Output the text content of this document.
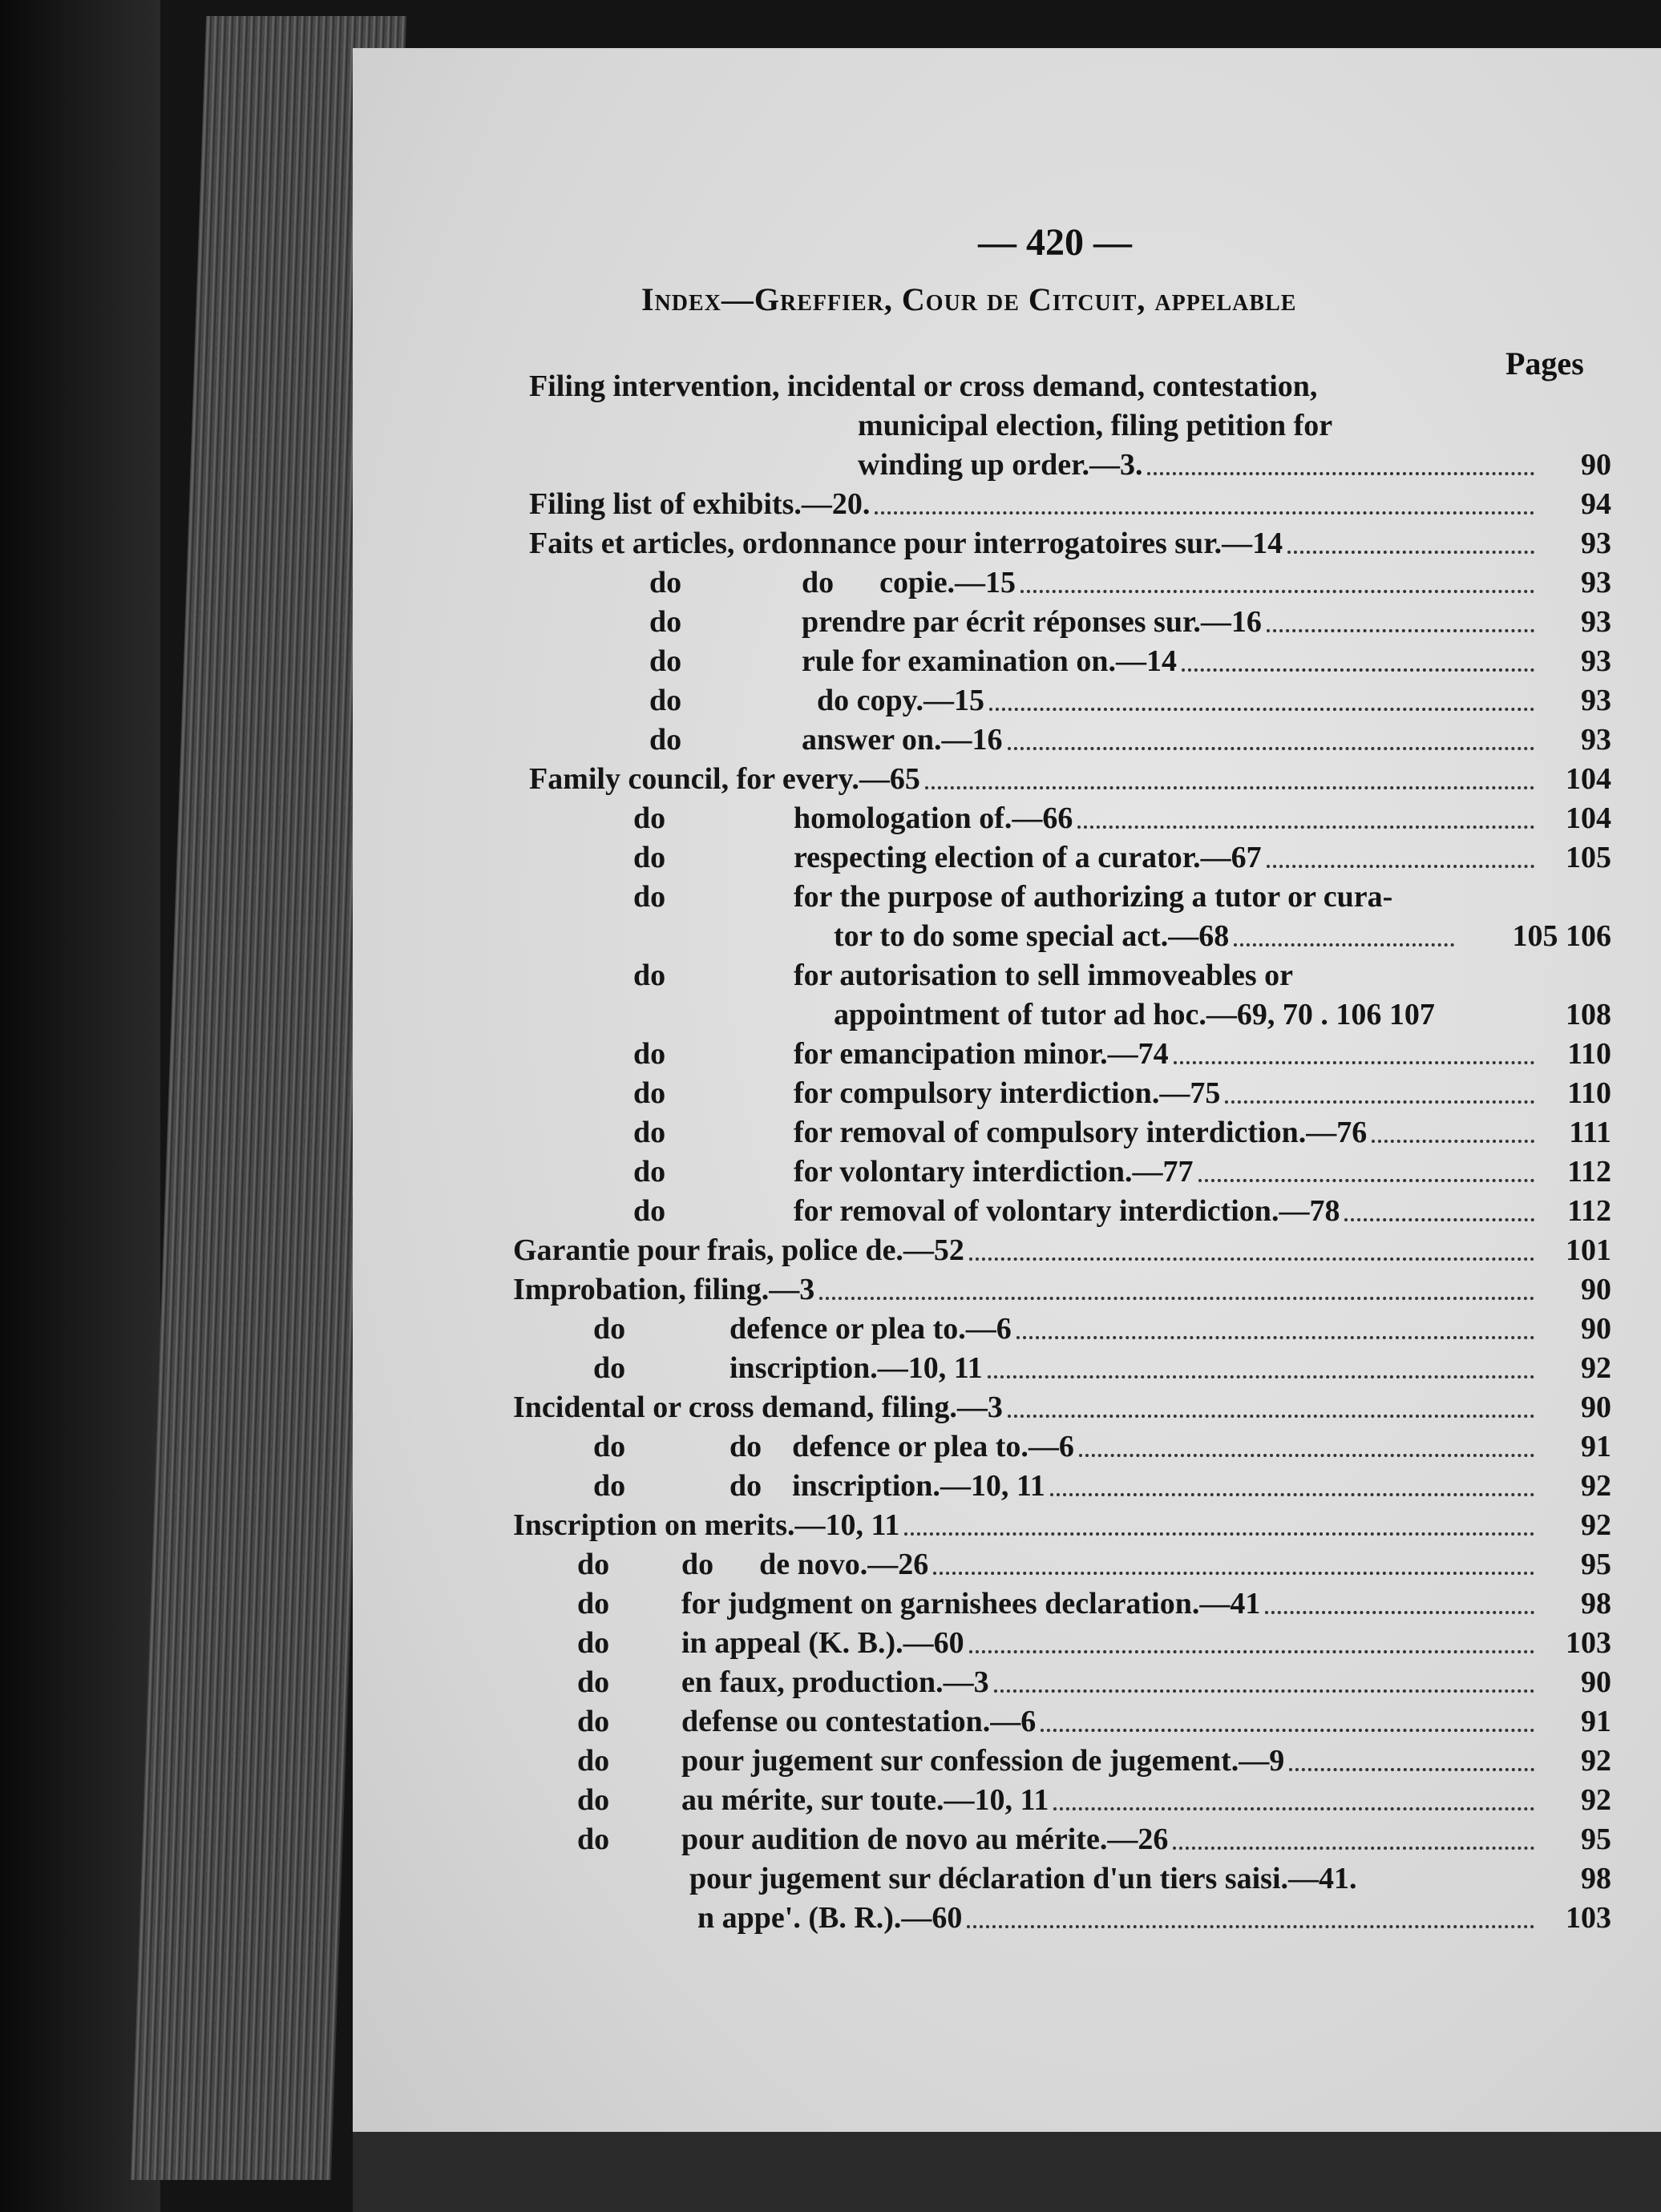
— 420 —
Index—Greffier, Cour de Citcuit, appelable
Pages
Filing intervention, incidental or cross demand, contestation,
municipal election, filing petition for
winding up order.—3.	90
Filing list of exhibits.—20.	94
Faits et articles, ordonnance pour interrogatoires sur.—14	93
do	do      copie.—15	93
do	prendre par écrit réponses sur.—16	93
do	rule for examination on.—14	93
do	do copy.—15	93
do	answer on.—16	93
Family council, for every.—65	104
do	homologation of.—66	104
do	respecting election of a curator.—67	105
do	for the purpose of authorizing a tutor or cura-
tor to do some special act.—68	105 106
do	for autorisation to sell immoveables or
appointment of tutor ad hoc.—69, 70 . 106 107	108
do	for emancipation minor.—74	110
do	for compulsory interdiction.—75	110
do	for removal of compulsory interdiction.—76	111
do	for volontary interdiction.—77	112
do	for removal of volontary interdiction.—78	112
Garantie pour frais, police de.—52	101
Improbation, filing.—3	90
do	defence or plea to.—6	90
do	inscription.—10, 11	92
Incidental or cross demand, filing.—3	90
do	do    defence or plea to.—6	91
do	do    inscription.—10, 11	92
Inscription on merits.—10, 11	92
do	do      de novo.—26	95
do	for judgment on garnishees declaration.—41	98
do	in appeal (K. B.).—60	103
do	en faux, production.—3	90
do	defense ou contestation.—6	91
do	pour jugement sur confession de jugement.—9	92
do	au mérite, sur toute.—10, 11	92
do	pour audition de novo au mérite.—26	95
pour jugement sur déclaration d'un tiers saisi.—41.	98
n appe'. (B. R.).—60	103
